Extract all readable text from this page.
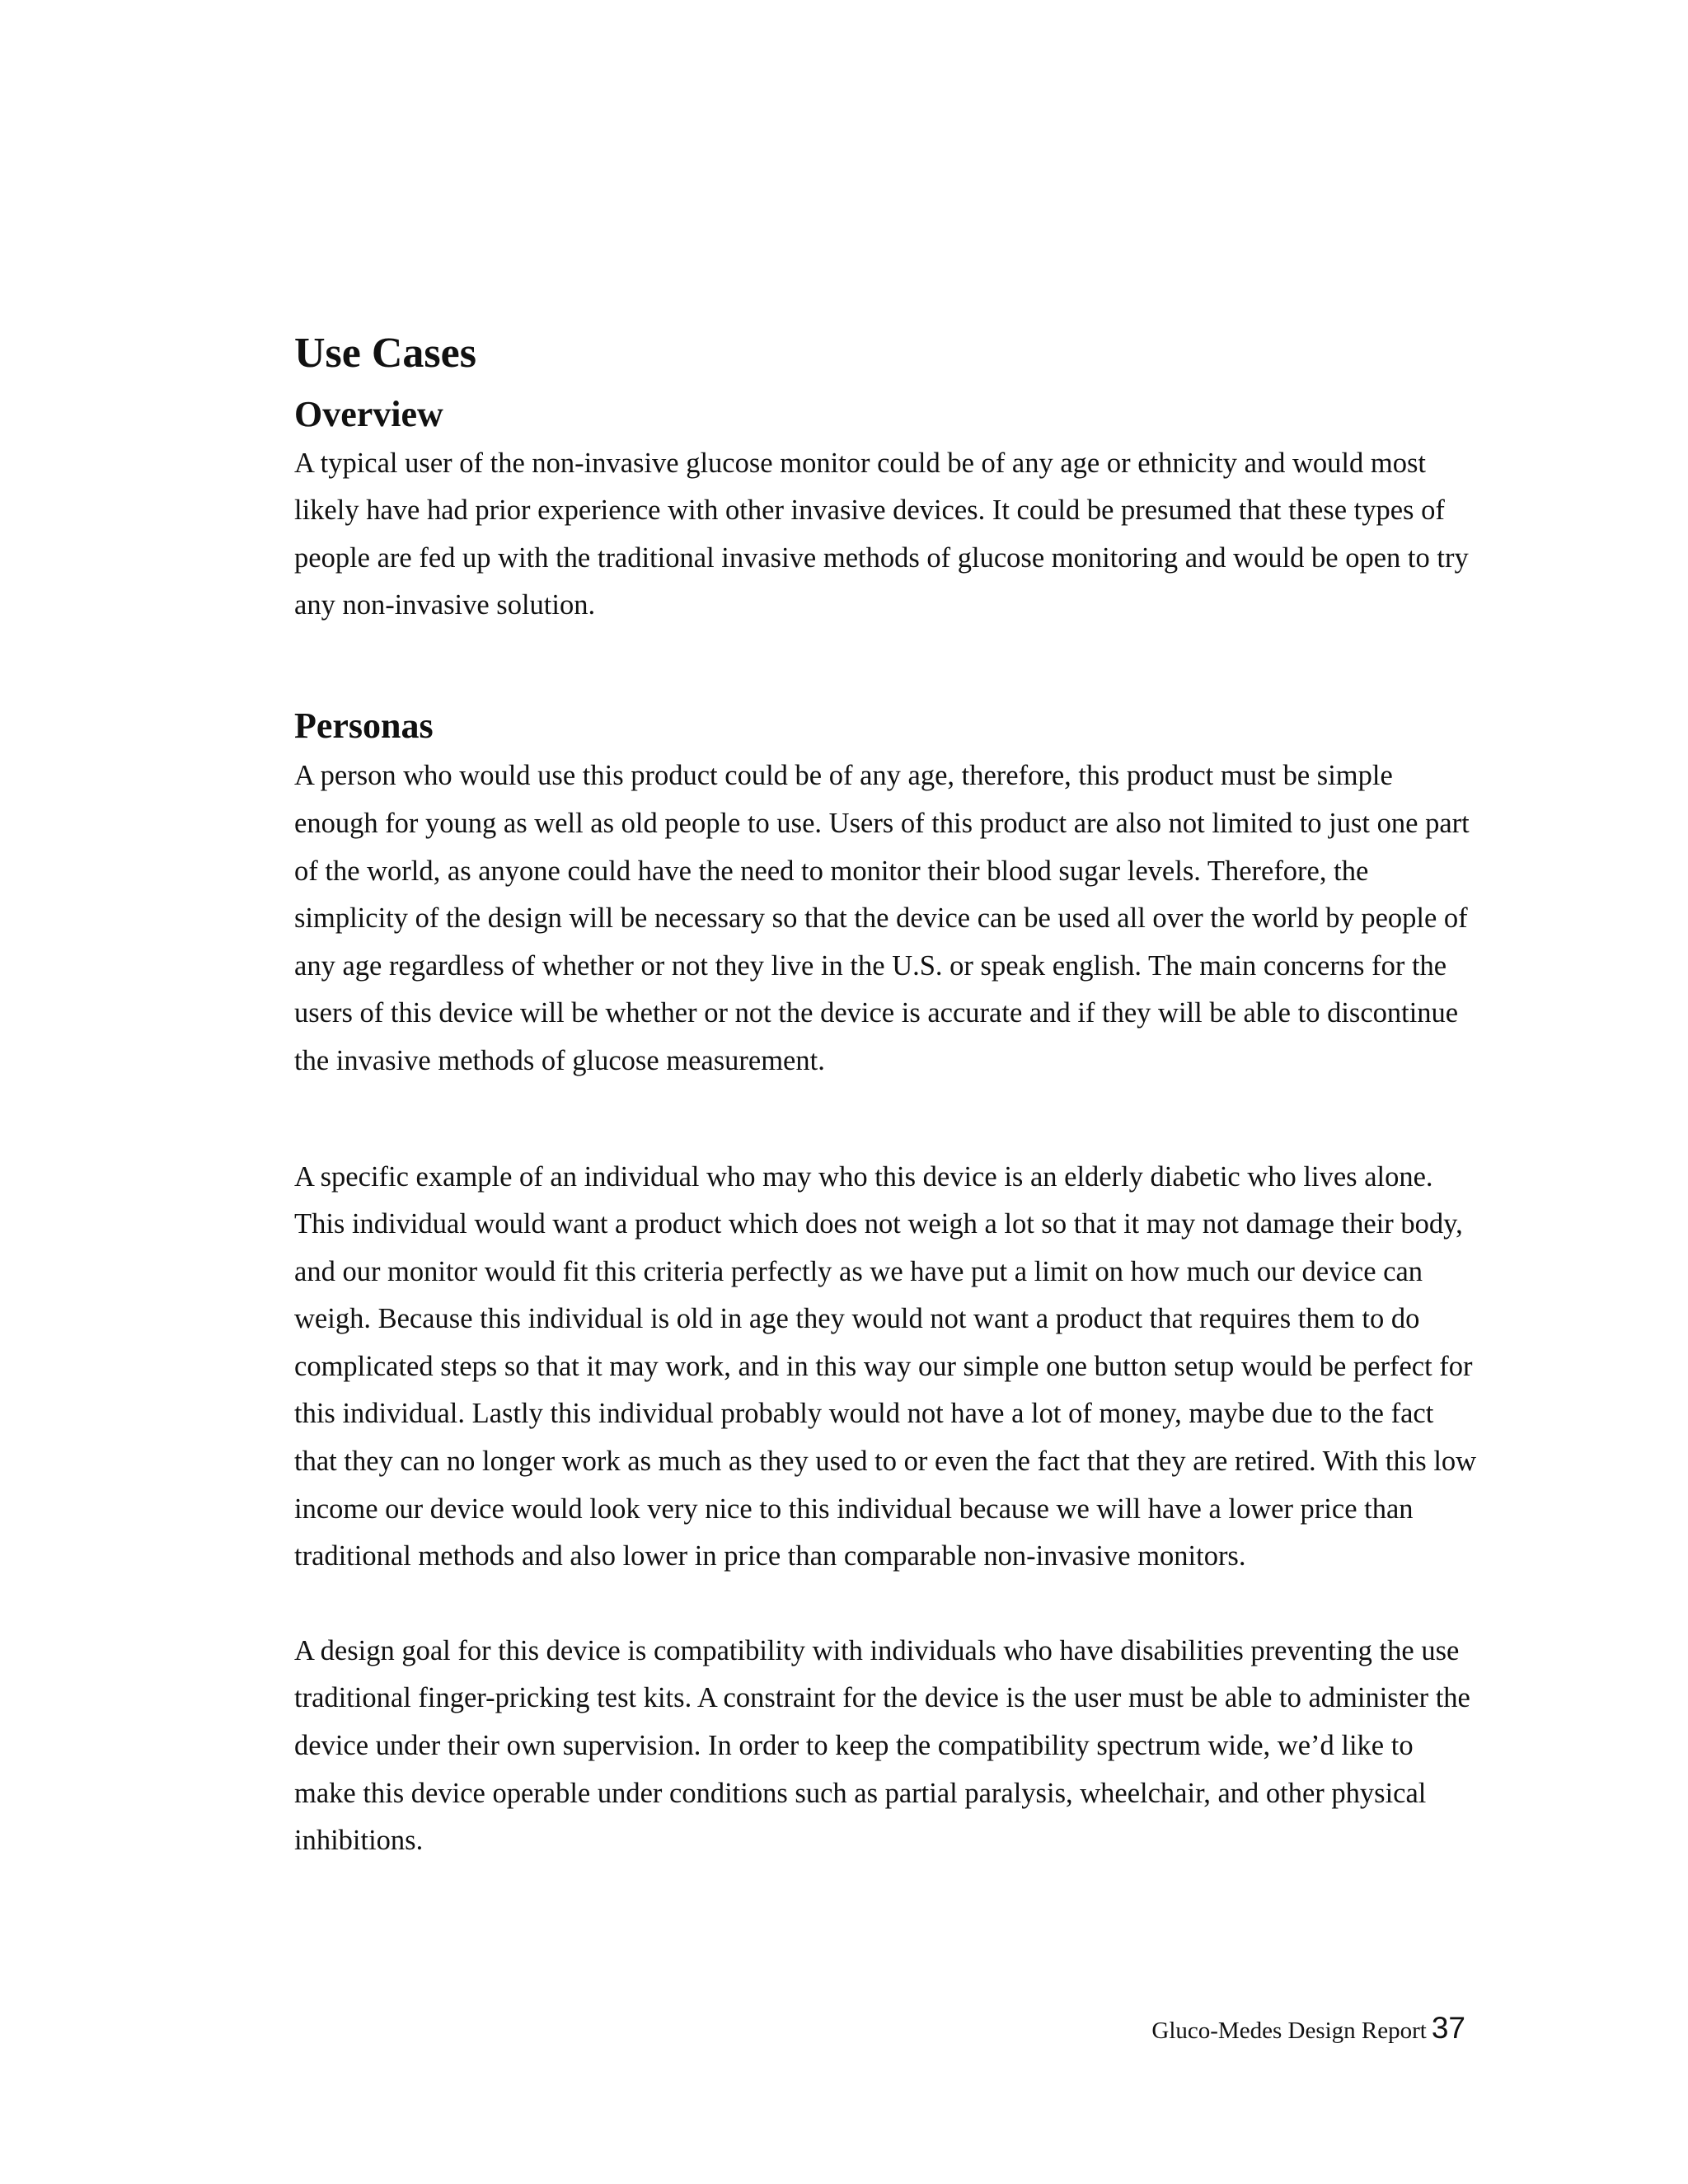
Use Cases
Overview

A typical user of the non-invasive glucose monitor could be of any age or ethnicity and would most likely have had prior experience with other invasive devices. It could be presumed that these types of people are fed up with the traditional invasive methods of glucose monitoring and would be open to try any non-invasive solution.

Personas

A person who would use this product could be of any age, therefore, this product must be simple enough for young as well as old people to use. Users of this product are also not limited to just one part of the world, as anyone could have the need to monitor their blood sugar levels. Therefore, the simplicity of the design will be necessary so that the device can be used all over the world by people of any age regardless of whether or not they live in the U.S. or speak english. The main concerns for the users of this device will be whether or not the device is accurate and if they will be able to discontinue the invasive methods of glucose measurement.

A specific example of an individual who may who this device is an elderly diabetic who lives alone. This individual would want a product which does not weigh a lot so that it may not damage their body, and our monitor would fit this criteria perfectly as we have put a limit on how much our device can weigh. Because this individual is old in age they would not want a product that requires them to do complicated steps so that it may work, and in this way our simple one button setup would be perfect for this individual. Lastly this individual probably would not have a lot of money, maybe due to the fact that they can no longer work as much as they used to or even the fact that they are retired. With this low income our device would look very nice to this individual because we will have a lower price than traditional methods and also lower in price than comparable non-invasive monitors.

A design goal for this device is compatibility with individuals who have disabilities preventing the use traditional finger-pricking test kits. A constraint for the device is the user must be able to administer the device under their own supervision. In order to keep the compatibility spectrum wide, we’d like to make this device operable under conditions such as partial paralysis, wheelchair, and other physical inhibitions.

Gluco-Medes Design Report 37
